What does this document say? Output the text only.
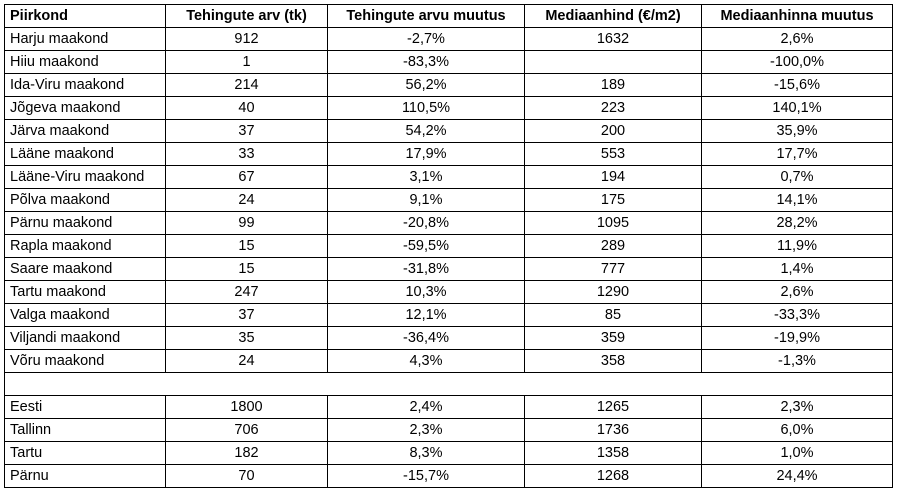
Piirkond	Tehingute arv (tk)	Tehingute arvu muutus	Mediaanhind (€/m2)	Mediaanhinna muutus
Harju maakond	912	-2,7%	1632	2,6%
Hiiu maakond	1	-83,3%		-100,0%
Ida-Viru maakond	214	56,2%	189	-15,6%
Jõgeva maakond	40	110,5%	223	140,1%
Järva maakond	37	54,2%	200	35,9%
Lääne maakond	33	17,9%	553	17,7%
Lääne-Viru maakond	67	3,1%	194	0,7%
Põlva maakond	24	9,1%	175	14,1%
Pärnu maakond	99	-20,8%	1095	28,2%
Rapla maakond	15	-59,5%	289	11,9%
Saare maakond	15	-31,8%	777	1,4%
Tartu maakond	247	10,3%	1290	2,6%
Valga maakond	37	12,1%	85	-33,3%
Viljandi maakond	35	-36,4%	359	-19,9%
Võru maakond	24	4,3%	358	-1,3%

Eesti	1800	2,4%	1265	2,3%
Tallinn	706	2,3%	1736	6,0%
Tartu	182	8,3%	1358	1,0%
Pärnu	70	-15,7%	1268	24,4%
